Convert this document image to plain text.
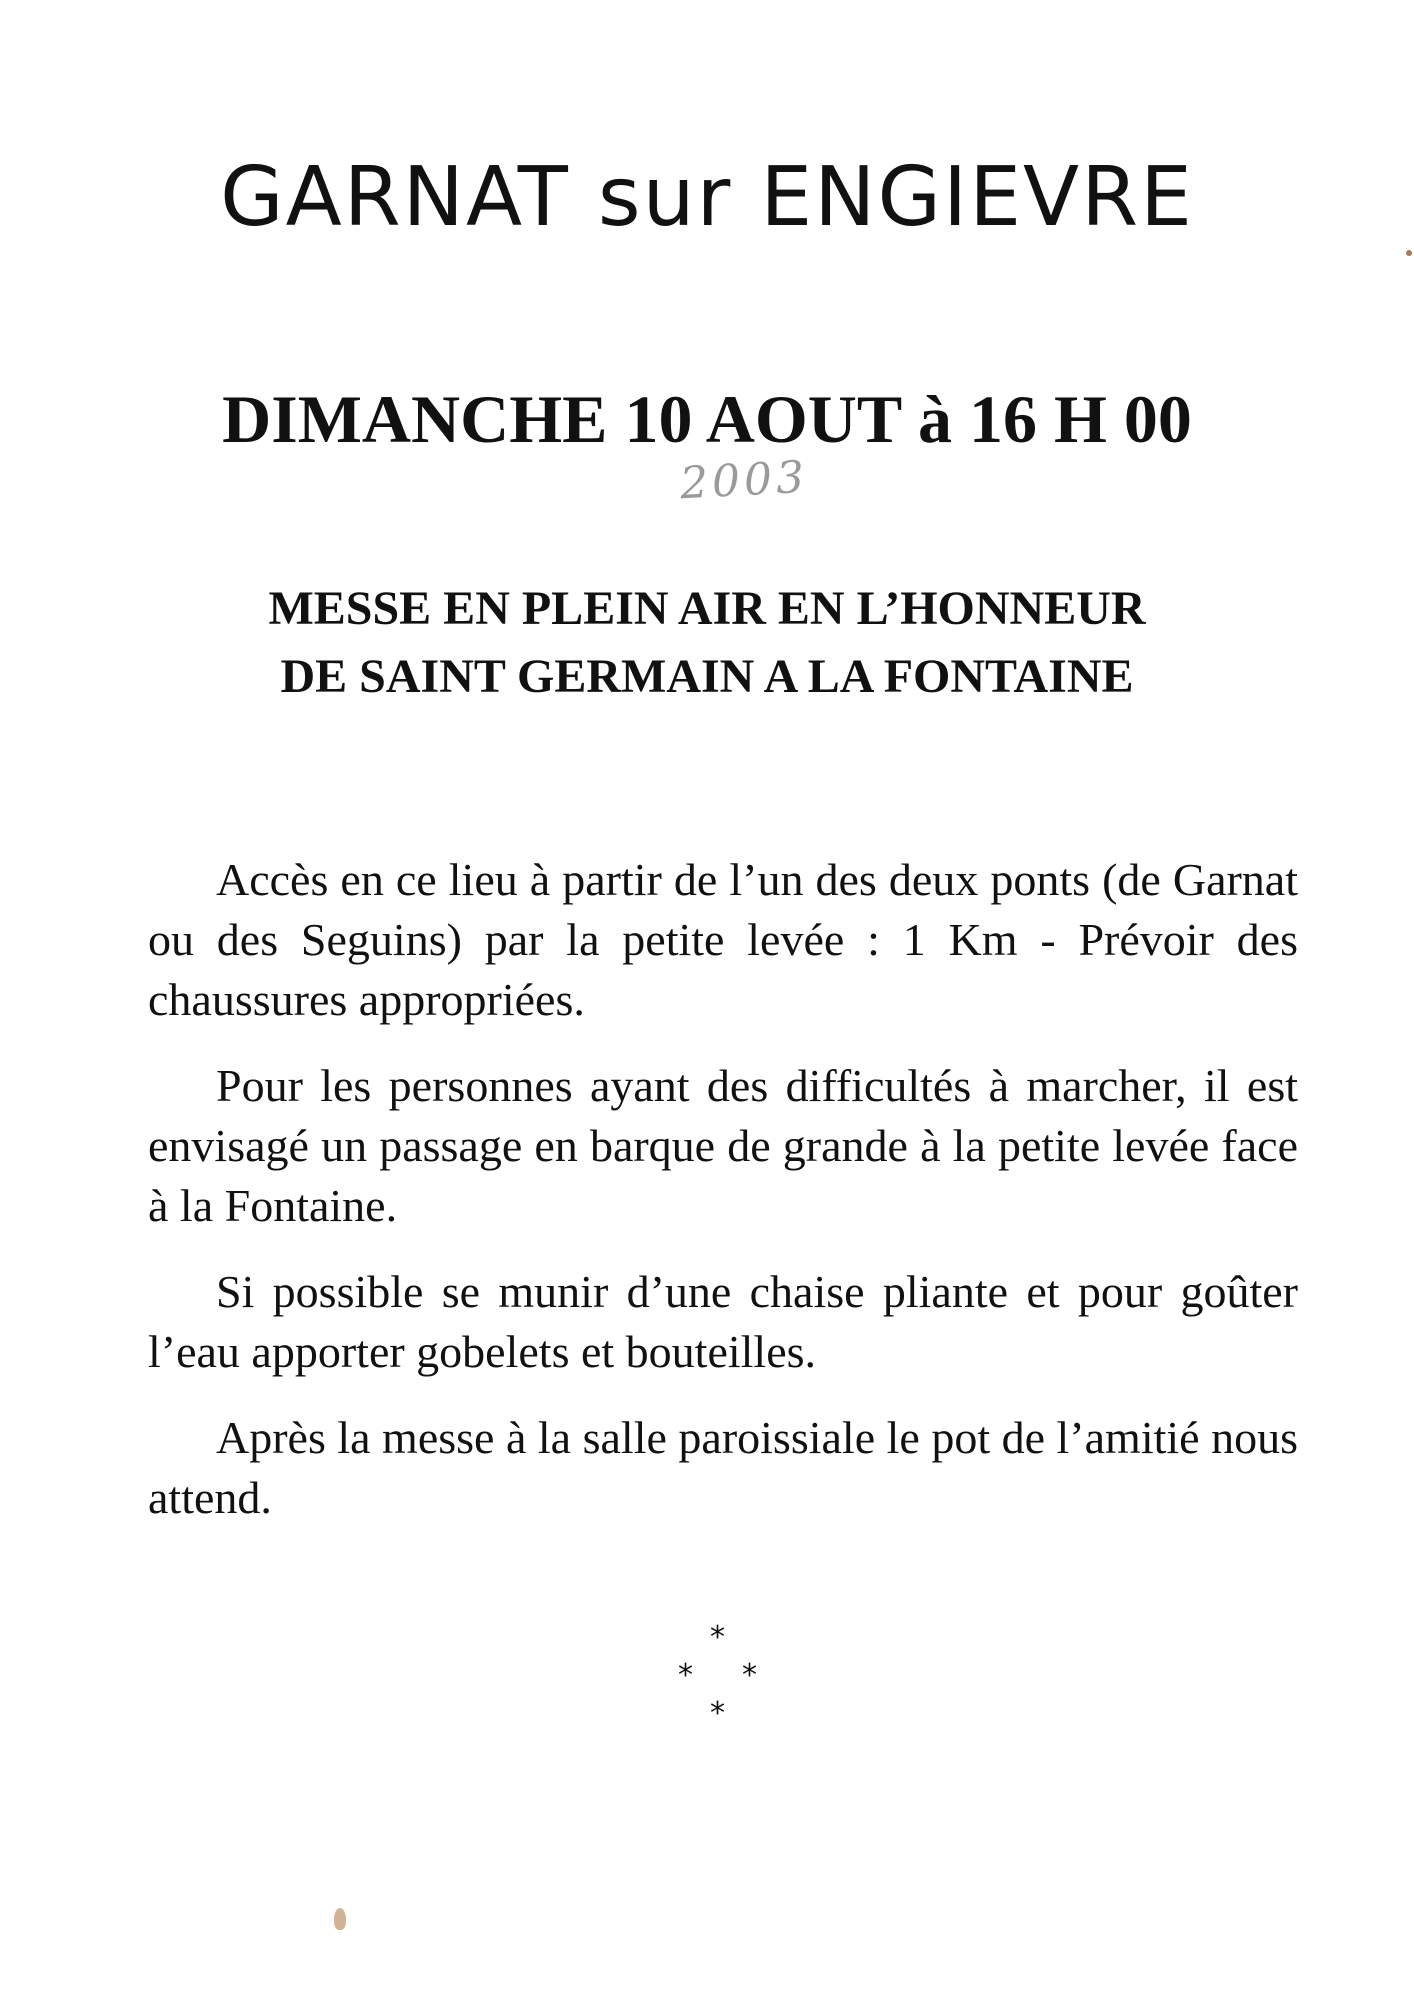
GARNAT sur ENGIEVRE
DIMANCHE 10 AOUT à 16 H 00
2003
MESSE EN PLEIN AIR EN L’HONNEUR
DE SAINT GERMAIN A LA FONTAINE

Accès en ce lieu à partir de l’un des deux ponts (de Garnat ou des Seguins) par la petite levée : 1 Km - Prévoir des chaussures appropriées.

Pour les personnes ayant des difficultés à marcher, il est envisagé un passage en barque de grande à la petite levée face à la Fontaine.

Si possible se munir d’une chaise pliante et pour goûter l’eau apporter gobelets et bouteilles.

Après la messe à la salle paroissiale le pot de l’amitié nous attend.

*
* *
*
